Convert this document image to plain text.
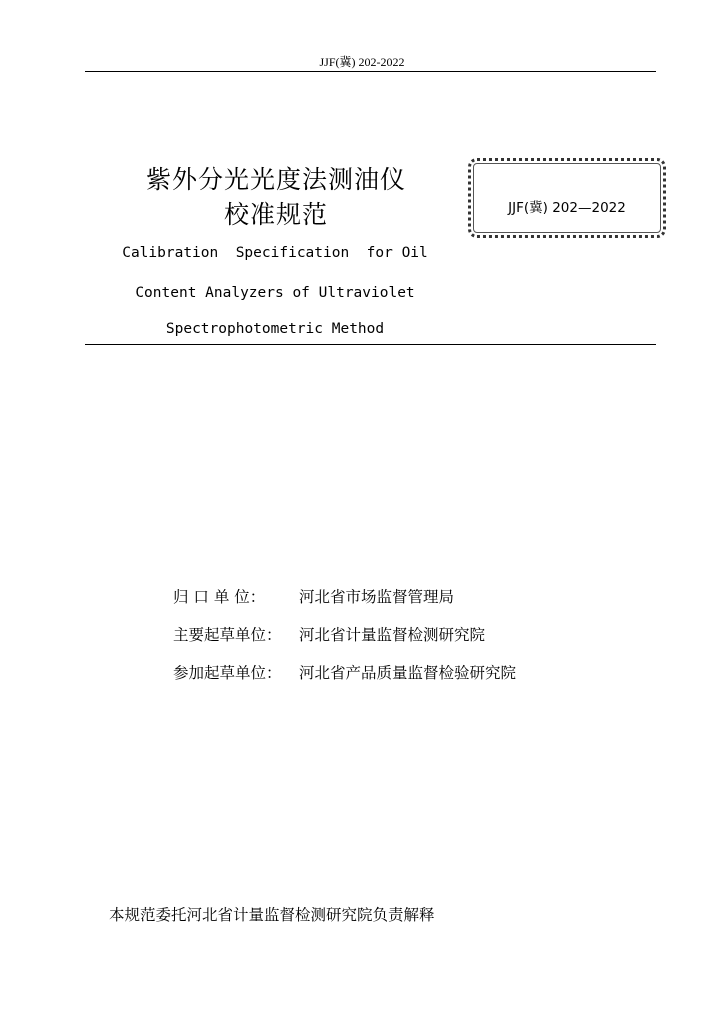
JJF(冀) 202-2022
紫外分光光度法测油仪
校准规范
Calibration  Specification  for Oil
Content Analyzers of Ultraviolet
Spectrophotometric Method
JJF(冀) 202—2022
归 口 单 位： 河北省市场监督管理局
主要起草单位： 河北省计量监督检测研究院
参加起草单位： 河北省产品质量监督检验研究院
本规范委托河北省计量监督检测研究院负责解释
